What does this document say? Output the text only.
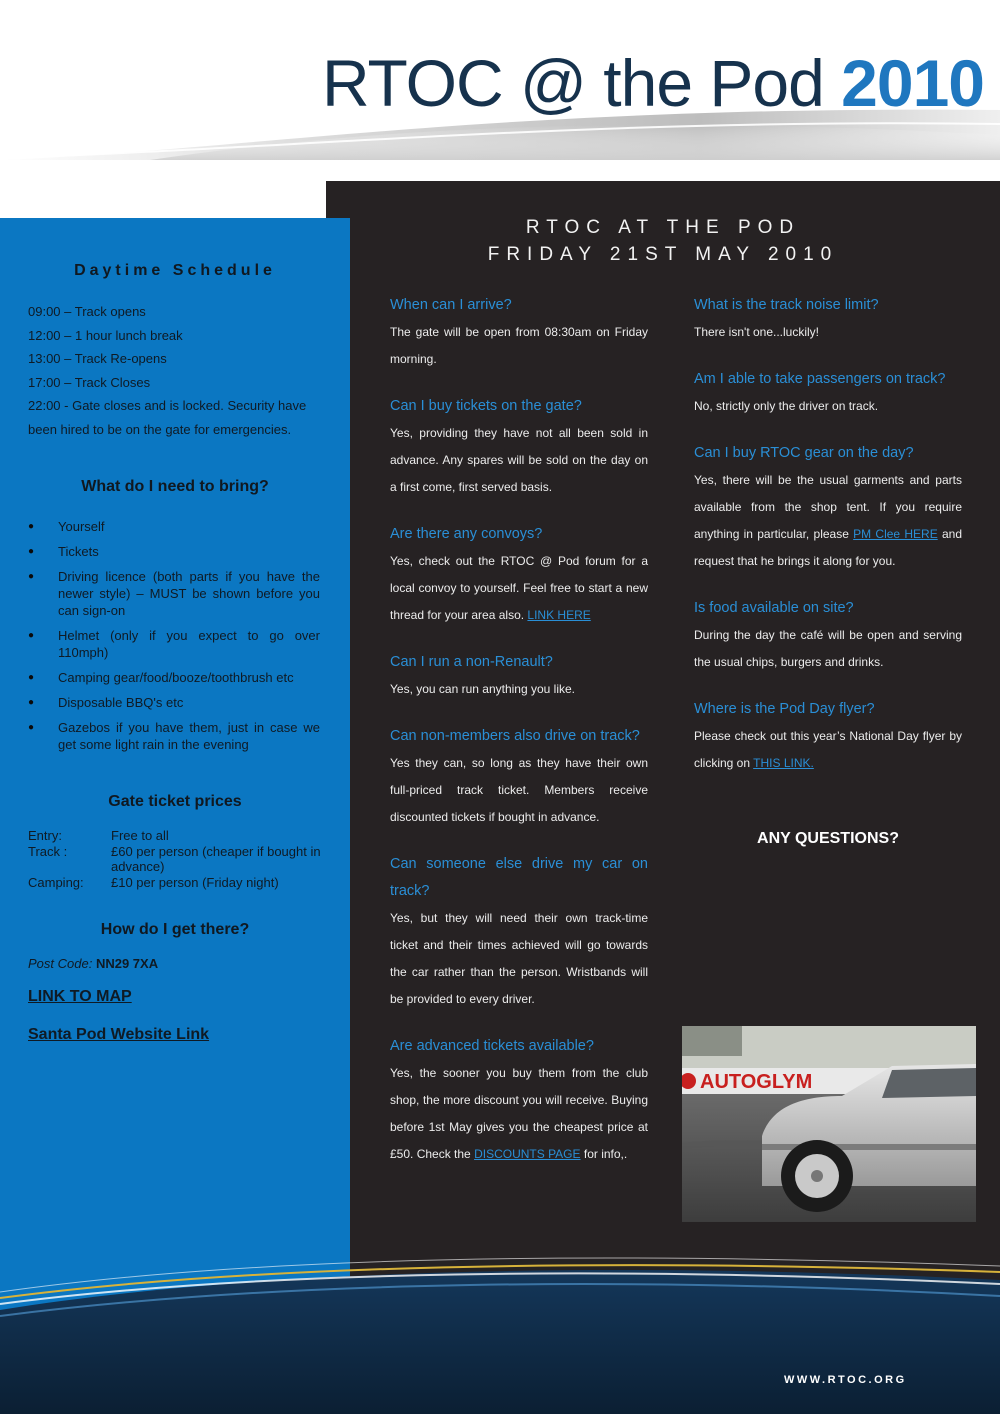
RTOC @ the Pod 2010
Daytime Schedule
09:00 – Track opens
12:00 – 1 hour lunch break
13:00 – Track Re-opens
17:00 – Track Closes
22:00 - Gate closes and is locked. Security have been hired to be on the gate for emergencies.
What do I need to bring?
● Yourself
● Tickets
● Driving licence (both parts if you have the newer style) – MUST be shown before you can sign-on
● Helmet (only if you expect to go over 110mph)
● Camping gear/food/booze/toothbrush etc
● Disposable BBQ's etc
● Gazebos if you have them, just in case we get some light rain in the evening
Gate ticket prices
Entry:	Free to all
Track :	£60 per person (cheaper if bought in advance)
Camping:	£10 per person (Friday night)
How do I get there?
Post Code: NN29 7XA
LINK TO MAP
Santa Pod Website Link
RTOC AT THE POD
FRIDAY 21ST MAY 2010
When can I arrive?
The gate will be open from 08:30am on Friday morning.
Can I buy tickets on the gate?
Yes, providing they have not all been sold in advance. Any spares will be sold on the day on a first come, first served basis.
Are there any convoys?
Yes, check out the RTOC @ Pod forum for a local convoy to yourself. Feel free to start a new thread for your area also. LINK HERE
Can I run a non-Renault?
Yes, you can run anything you like.
Can non-members also drive on track?
Yes they can, so long as they have their own full-priced track ticket. Members receive discounted tickets if bought in advance.
Can someone else drive my car on track?
Yes, but they will need their own track-time ticket and their times achieved will go towards the car rather than the person. Wristbands will be provided to every driver.
Are advanced tickets available?
Yes, the sooner you buy them from the club shop, the more discount you will receive. Buying before 1st May gives you the cheapest price at £50. Check the DISCOUNTS PAGE for info,.
What is the track noise limit?
There isn't one...luckily!
Am I able to take passengers on track?
No, strictly only the driver on track.
Can I buy RTOC gear on the day?
Yes, there will be the usual garments and parts available from the shop tent. If you require anything in particular, please PM Clee HERE and request that he brings it along for you.
Is food available on site?
During the day the café will be open and serving the usual chips, burgers and drinks.
Where is the Pod Day flyer?
Please check out this year’s National Day flyer by clicking on THIS LINK.
ANY QUESTIONS?
AUTOGLYM
WWW.RTOC.ORG
